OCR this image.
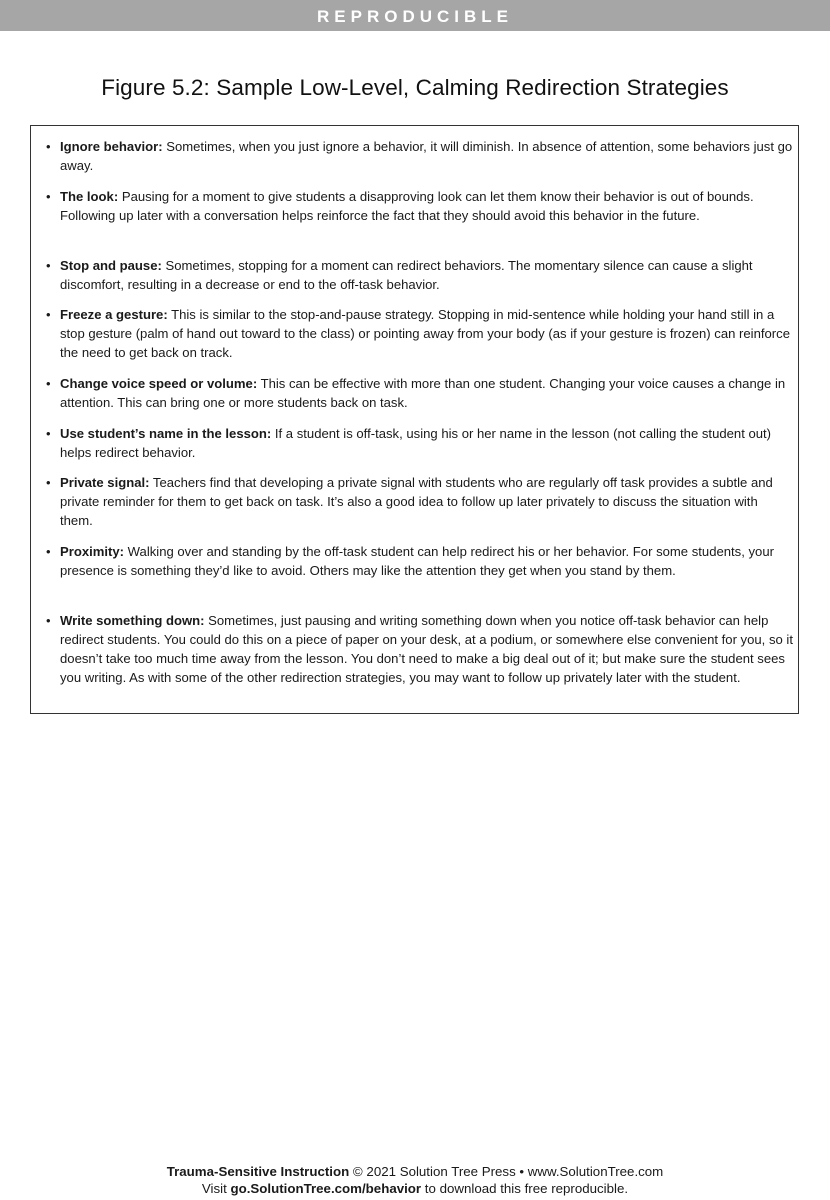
REPRODUCIBLE
Figure 5.2: Sample Low-Level, Calming Redirection Strategies
• Ignore behavior: Sometimes, when you just ignore a behavior, it will diminish. In absence of attention, some behaviors just go away.
• The look: Pausing for a moment to give students a disapproving look can let them know their behavior is out of bounds. Following up later with a conversation helps reinforce the fact that they should avoid this behavior in the future.
• Stop and pause: Sometimes, stopping for a moment can redirect behaviors. The momentary silence can cause a slight discomfort, resulting in a decrease or end to the off-task behavior.
• Freeze a gesture: This is similar to the stop-and-pause strategy. Stopping in mid-sentence while holding your hand still in a stop gesture (palm of hand out toward to the class) or pointing away from your body (as if your gesture is frozen) can reinforce the need to get back on track.
• Change voice speed or volume: This can be effective with more than one student. Changing your voice causes a change in attention. This can bring one or more students back on task.
• Use student’s name in the lesson: If a student is off-task, using his or her name in the lesson (not calling the student out) helps redirect behavior.
• Private signal: Teachers find that developing a private signal with students who are regularly off task provides a subtle and private reminder for them to get back on task. It’s also a good idea to follow up later privately to discuss the situation with them.
• Proximity: Walking over and standing by the off-task student can help redirect his or her behavior. For some students, your presence is something they’d like to avoid. Others may like the attention they get when you stand by them.
• Write something down: Sometimes, just pausing and writing something down when you notice off-task behavior can help redirect students. You could do this on a piece of paper on your desk, at a podium, or somewhere else convenient for you, so it doesn’t take too much time away from the lesson. You don’t need to make a big deal out of it; but make sure the student sees you writing. As with some of the other redirection strategies, you may want to follow up privately later with the student.
Trauma-Sensitive Instruction © 2021 Solution Tree Press • www.SolutionTree.com
Visit go.SolutionTree.com/behavior to download this free reproducible.
